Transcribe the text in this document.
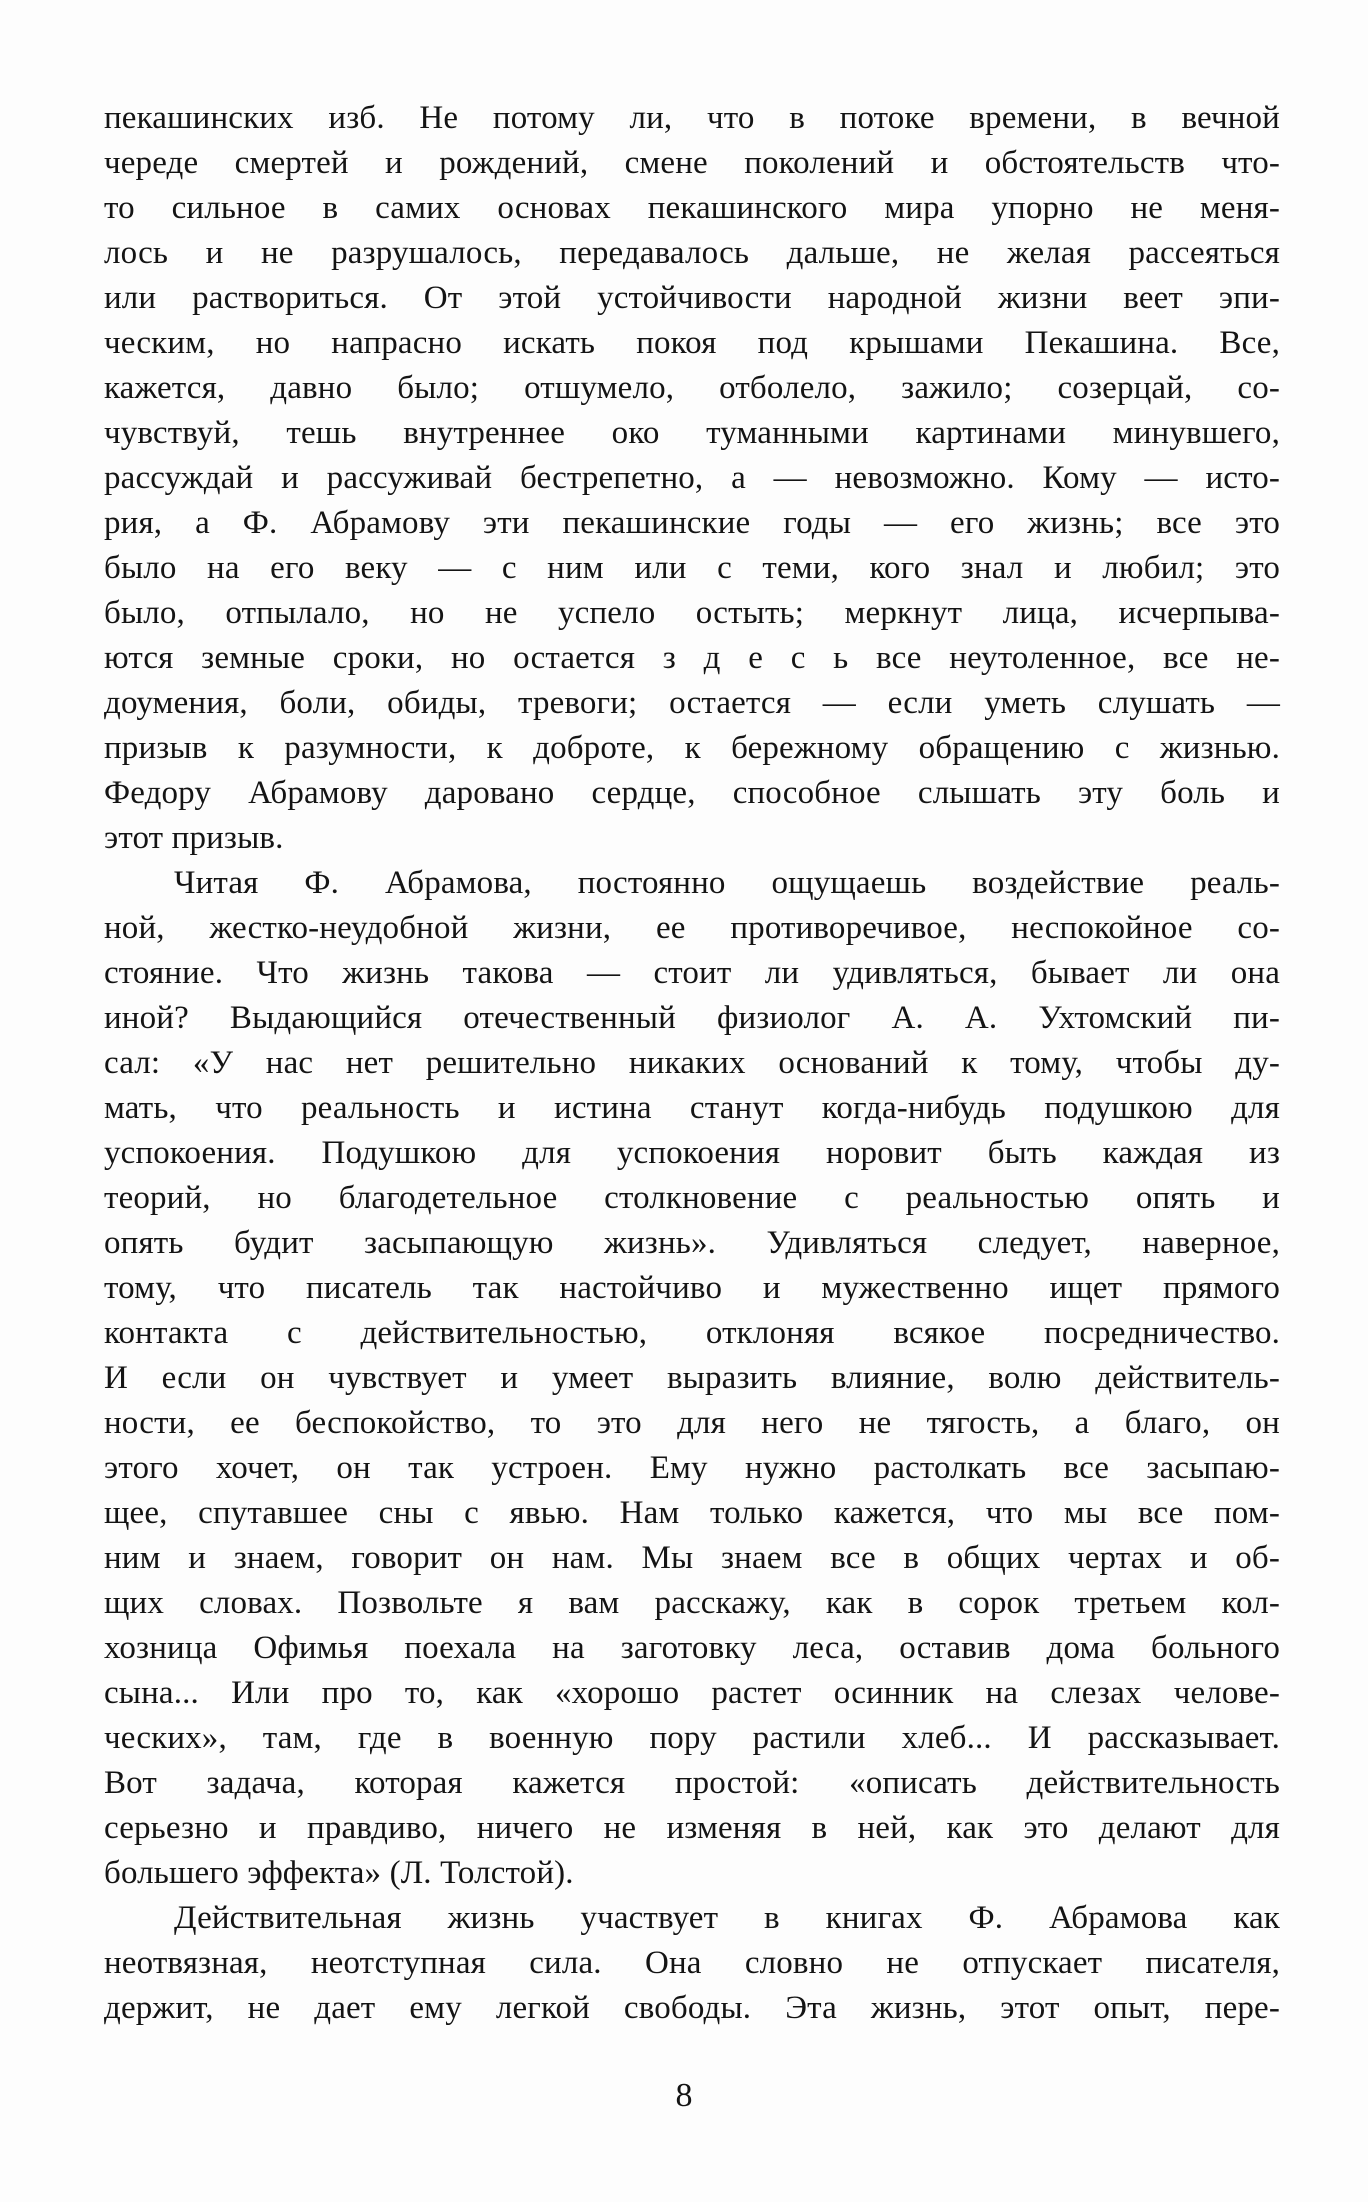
пекашинских изб. Не потому ли, что в потоке времени, в вечной
череде смертей и рождений, смене поколений и обстоятельств что-
то сильное в самих основах пекашинского мира упорно не меня-
лось и не разрушалось, передавалось дальше, не желая рассеяться
или раствориться. От этой устойчивости народной жизни веет эпи-
ческим, но напрасно искать покоя под крышами Пекашина. Все,
кажется, давно было; отшумело, отболело, зажило; созерцай, со-
чувствуй, тешь внутреннее око туманными картинами минувшего,
рассуждай и рассуживай бестрепетно, а — невозможно. Кому — исто-
рия, а Ф. Абрамову эти пекашинские годы — его жизнь; все это
было на его веку — с ним или с теми, кого знал и любил; это
было, отпылало, но не успело остыть; меркнут лица, исчерпыва-
ются земные сроки, но остается з д е с ь все неутоленное, все не-
доумения, боли, обиды, тревоги; остается — если уметь слушать —
призыв к разумности, к доброте, к бережному обращению с жизнью.
Федору Абрамову даровано сердце, способное слышать эту боль и
этот призыв.
Читая Ф. Абрамова, постоянно ощущаешь воздействие реаль-
ной, жестко-неудобной жизни, ее противоречивое, неспокойное со-
стояние. Что жизнь такова — стоит ли удивляться, бывает ли она
иной? Выдающийся отечественный физиолог А. А. Ухтомский пи-
сал: «У нас нет решительно никаких оснований к тому, чтобы ду-
мать, что реальность и истина станут когда-нибудь подушкою для
успокоения. Подушкою для успокоения норовит быть каждая из
теорий, но благодетельное столкновение с реальностью опять и
опять будит засыпающую жизнь». Удивляться следует, наверное,
тому, что писатель так настойчиво и мужественно ищет прямого
контакта с действительностью, отклоняя всякое посредничество.
И если он чувствует и умеет выразить влияние, волю действитель-
ности, ее беспокойство, то это для него не тягость, а благо, он
этого хочет, он так устроен. Ему нужно растолкать все засыпаю-
щее, спутавшее сны с явью. Нам только кажется, что мы все пом-
ним и знаем, говорит он нам. Мы знаем все в общих чертах и об-
щих словах. Позвольте я вам расскажу, как в сорок третьем кол-
хозница Офимья поехала на заготовку леса, оставив дома больного
сына... Или про то, как «хорошо растет осинник на слезах челове-
ческих», там, где в военную пору растили хлеб... И рассказывает.
Вот задача, которая кажется простой: «описать действительность
серьезно и правдиво, ничего не изменяя в ней, как это делают для
большего эффекта» (Л. Толстой).
Действительная жизнь участвует в книгах Ф. Абрамова как
неотвязная, неотступная сила. Она словно не отпускает писателя,
держит, не дает ему легкой свободы. Эта жизнь, этот опыт, пере-
8
